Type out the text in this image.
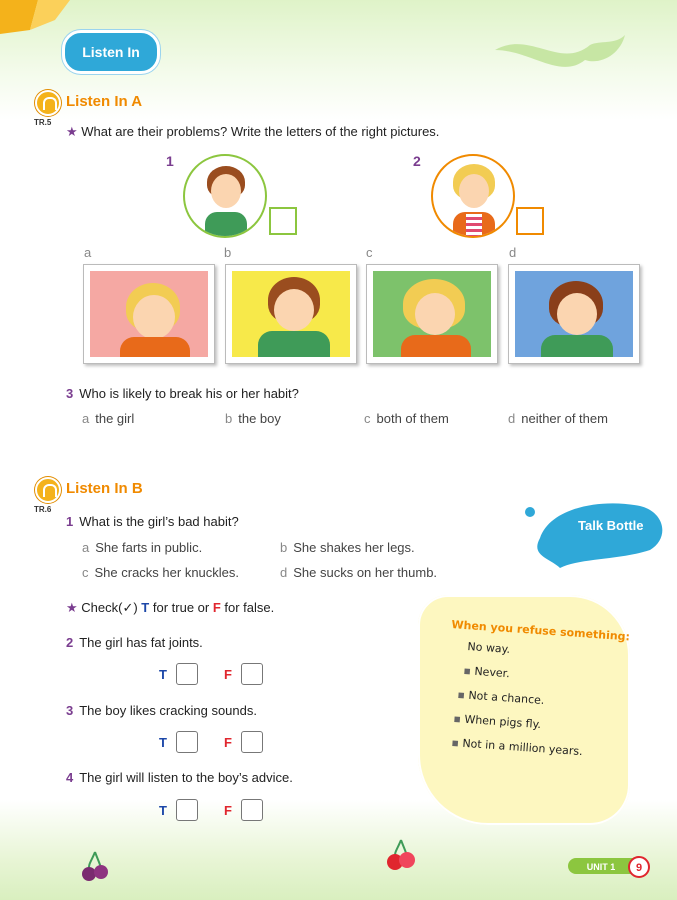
Listen In
Listen In A
TR.5
★ What are their problems? Write the letters of the right pictures.
1	2
a	b	c	d
3 Who is likely to break his or her habit?
a the girl	b the boy	c both of them	d neither of them
Listen In B
TR.6
1 What is the girl’s bad habit?
a She farts in public.	b She shakes her legs.
c She cracks her knuckles.	d She sucks on her thumb.
★ Check(✓) T for true or F for false.
2 The girl has fat joints.
T	F
3 The boy likes cracking sounds.
T	F
4 The girl will listen to the boy’s advice.
T	F
Talk Bottle
When you refuse something:
No way.
▪ Never.
▪ Not a chance.
▪ When pigs fly.
▪ Not in a million years.
UNIT 1	9
